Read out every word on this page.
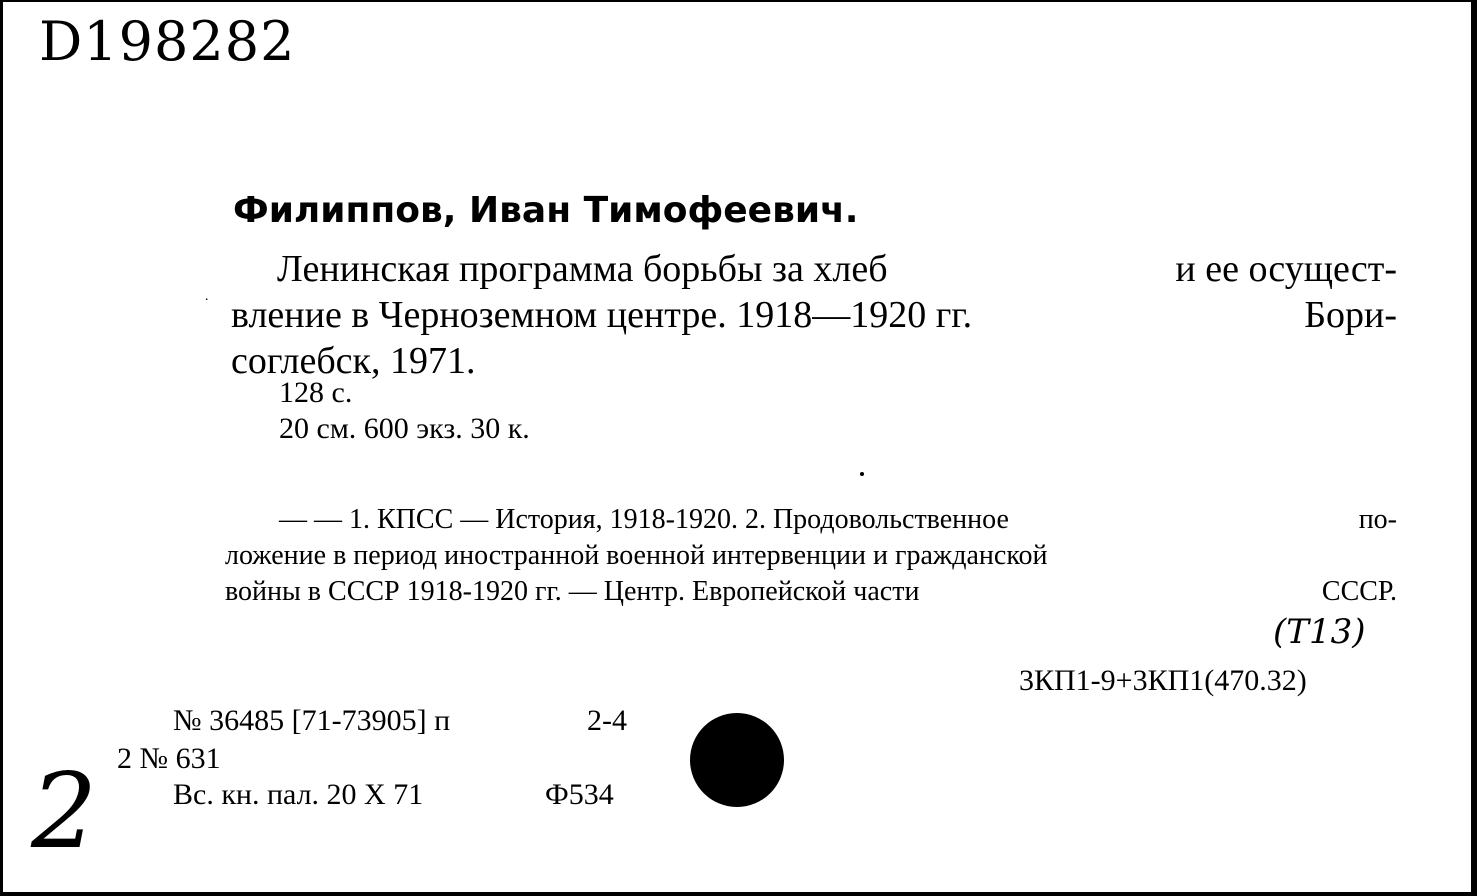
D198282
Филиппов, Иван Тимофеевич.
˙
Ленинская программа борьбы за хлеб	и ее осущест-
вление в Черноземном центре. 1918—1920 гг.	Бори-
соглебск, 1971.
128 с.
20 см. 600 экз. 30 к.
— — 1. КПСС — История, 1918-1920. 2. Продовольственное	по-
ложение в период иностранной военной интервенции и гражданской
войны в СССР 1918-1920 гг. — Центр. Европейской части	СССР.
(T13)
3КП1-9+3КП1(470.32)
№ 36485 [71-73905] п	2-4
2 № 631
Вс. кн. пал. 20 X 71	Ф534
2
